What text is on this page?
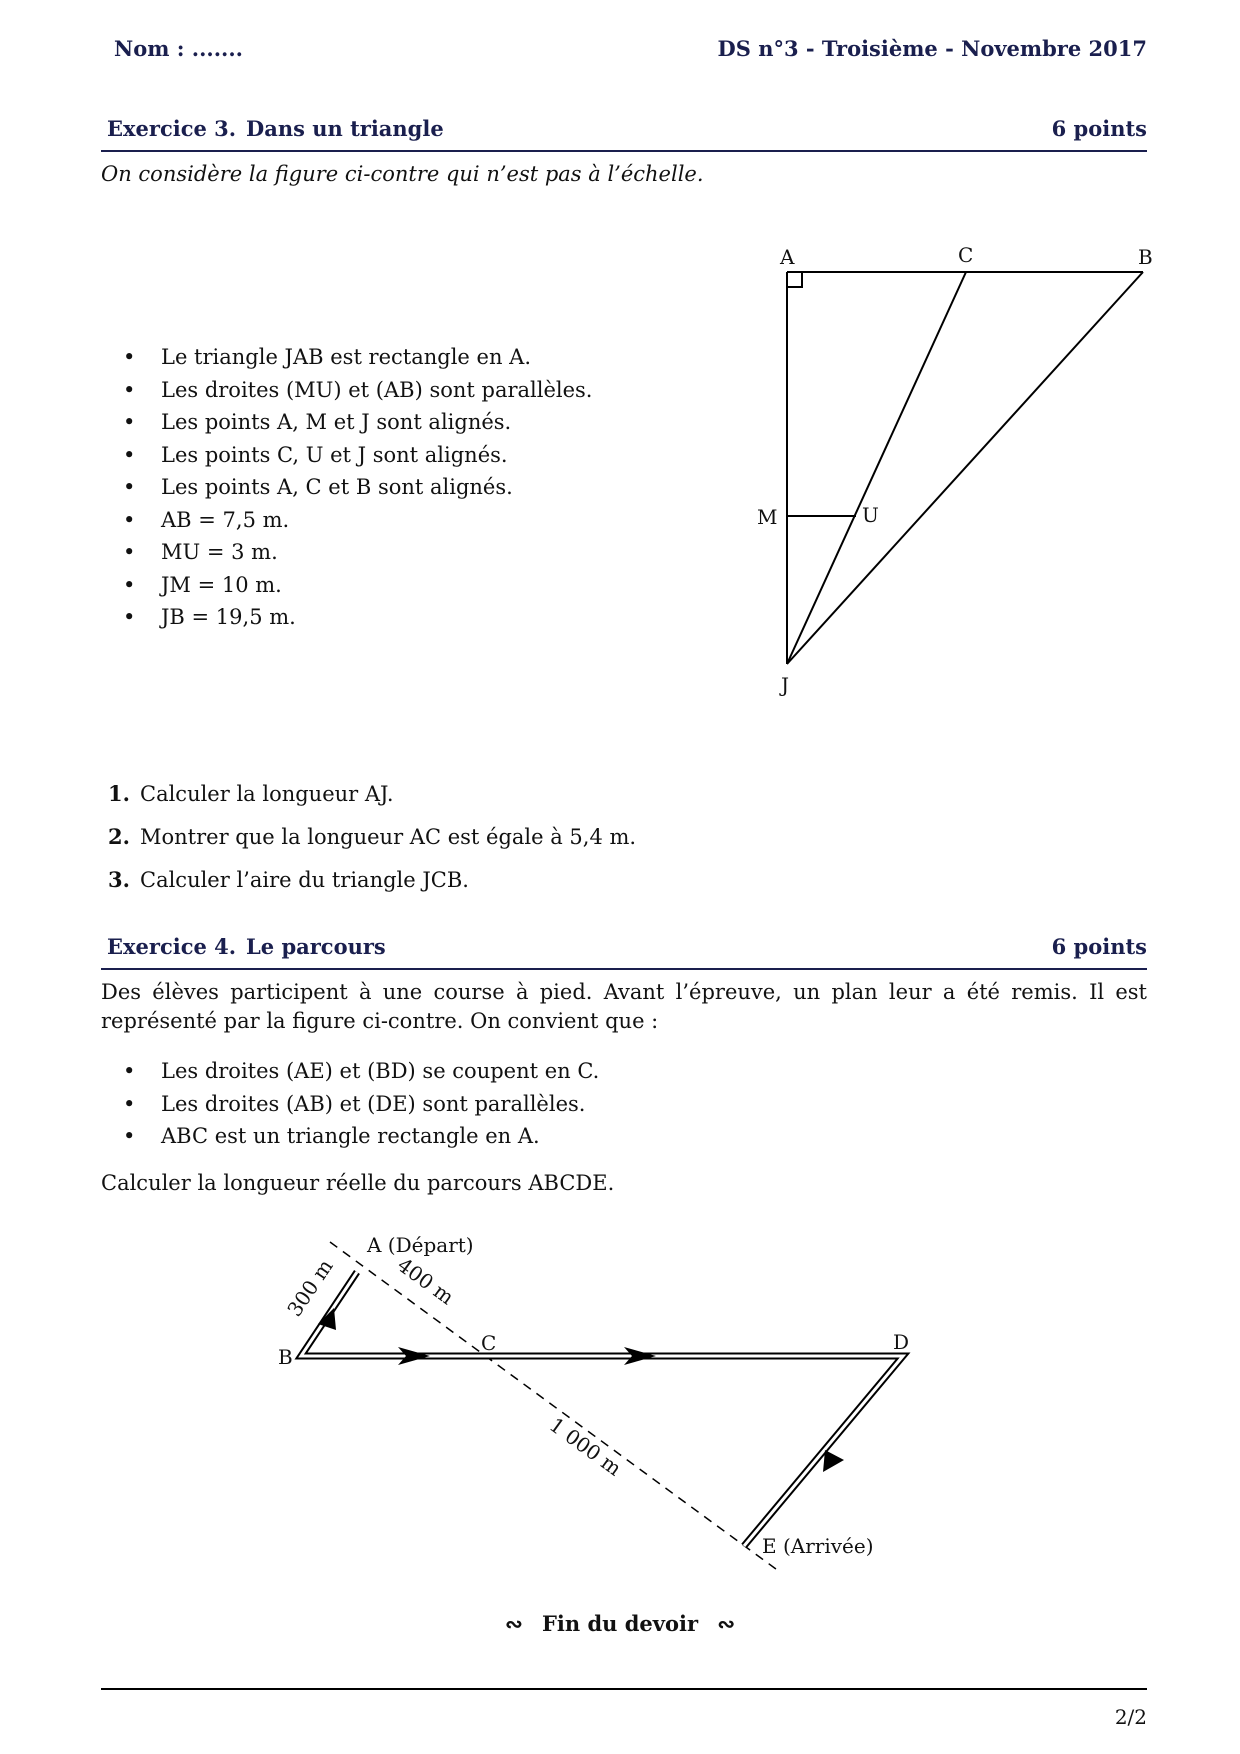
Nom : .......	DS n°3 - Troisième - Novembre 2017
Exercice 3. Dans un triangle	6 points
On considère la figure ci-contre qui n’est pas à l’échelle.
• Le triangle JAB est rectangle en A.
• Les droites (MU) et (AB) sont parallèles.
• Les points A, M et J sont alignés.
• Les points C, U et J sont alignés.
• Les points A, C et B sont alignés.
• AB = 7,5 m.
• MU = 3 m.
• JM = 10 m.
• JB = 19,5 m.
A	C	B
M	U
J
1. Calculer la longueur AJ.
2. Montrer que la longueur AC est égale à 5,4 m.
3. Calculer l’aire du triangle JCB.
Exercice 4. Le parcours	6 points
Des élèves participent à une course à pied. Avant l’épreuve, un plan leur a été remis. Il est représenté par la figure ci-contre. On convient que :
• Les droites (AE) et (BD) se coupent en C.
• Les droites (AB) et (DE) sont parallèles.
• ABC est un triangle rectangle en A.
Calculer la longueur réelle du parcours ABCDE.
A (Départ)
B
C	D
E (Arrivée)
300 m	400 m
1 000 m
∾ Fin du devoir ∾
2/2
